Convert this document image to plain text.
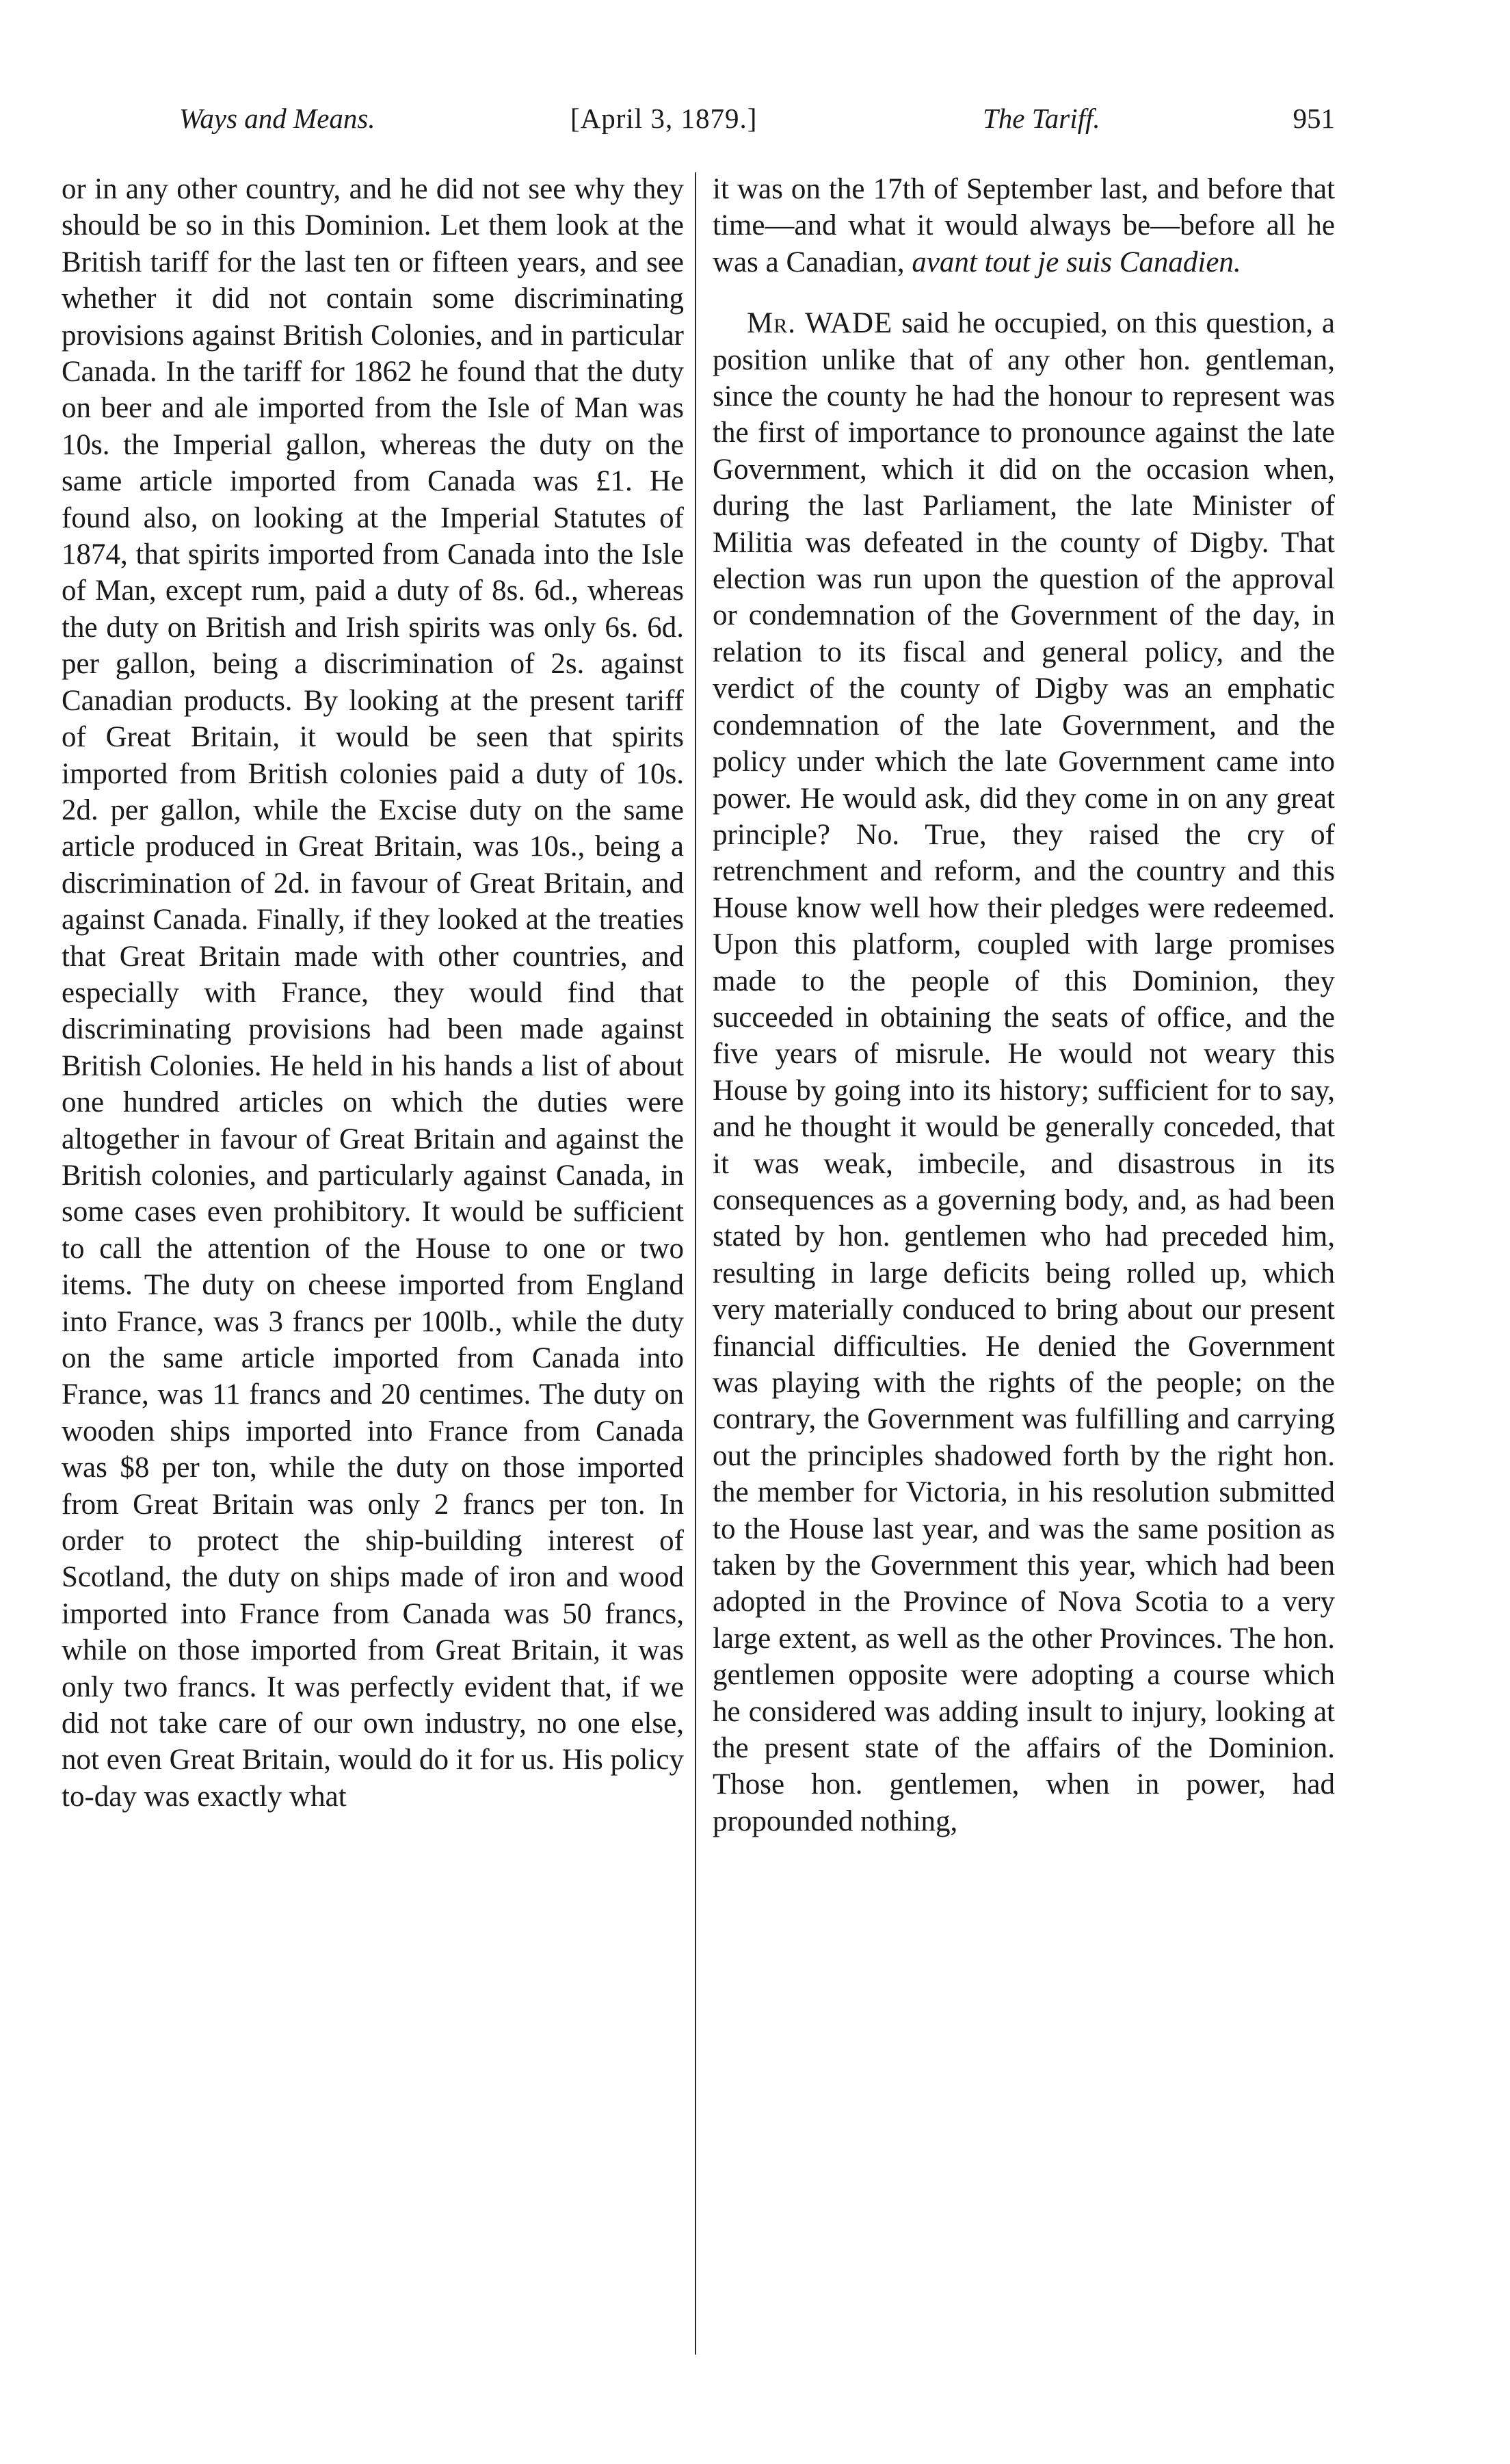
Ways and Means.	[April 3, 1879.]	The Tariff.	951

or in any other country, and he did not see why they should be so in this Dominion. Let them look at the British tariff for the last ten or fifteen years, and see whether it did not contain some discriminating provisions against British Colonies, and in particular Canada. In the tariff for 1862 he found that the duty on beer and ale imported from the Isle of Man was 10s. the Imperial gallon, whereas the duty on the same article imported from Canada was £1. He found also, on looking at the Imperial Statutes of 1874, that spirits imported from Canada into the Isle of Man, except rum, paid a duty of 8s. 6d., whereas the duty on British and Irish spirits was only 6s. 6d. per gallon, being a discrimination of 2s. against Canadian products. By looking at the present tariff of Great Britain, it would be seen that spirits imported from British colonies paid a duty of 10s. 2d. per gallon, while the Excise duty on the same article produced in Great Britain, was 10s., being a discrimination of 2d. in favour of Great Britain, and against Canada. Finally, if they looked at the treaties that Great Britain made with other countries, and especially with France, they would find that discriminating provisions had been made against British Colonies. He held in his hands a list of about one hundred articles on which the duties were altogether in favour of Great Britain and against the British colonies, and particularly against Canada, in some cases even prohibitory. It would be sufficient to call the attention of the House to one or two items. The duty on cheese imported from England into France, was 3 francs per 100lb., while the duty on the same article imported from Canada into France, was 11 francs and 20 centimes. The duty on wooden ships imported into France from Canada was $8 per ton, while the duty on those imported from Great Britain was only 2 francs per ton. In order to protect the ship-building interest of Scotland, the duty on ships made of iron and wood imported into France from Canada was 50 francs, while on those imported from Great Britain, it was only two francs. It was perfectly evident that, if we did not take care of our own industry, no one else, not even Great Britain, would do it for us. His policy to-day was exactly what

it was on the 17th of September last, and before that time—and what it would always be—before all he was a Canadian, avant tout je suis Canadien.

Mr. WADE said he occupied, on this question, a position unlike that of any other hon. gentleman, since the county he had the honour to represent was the first of importance to pronounce against the late Government, which it did on the occasion when, during the last Parliament, the late Minister of Militia was defeated in the county of Digby. That election was run upon the question of the approval or condemnation of the Government of the day, in relation to its fiscal and general policy, and the verdict of the county of Digby was an emphatic condemnation of the late Government, and the policy under which the late Government came into power. He would ask, did they come in on any great principle? No. True, they raised the cry of retrenchment and reform, and the country and this House know well how their pledges were redeemed. Upon this platform, coupled with large promises made to the people of this Dominion, they succeeded in obtaining the seats of office, and the five years of misrule. He would not weary this House by going into its history; sufficient for to say, and he thought it would be generally conceded, that it was weak, imbecile, and disastrous in its consequences as a governing body, and, as had been stated by hon. gentlemen who had preceded him, resulting in large deficits being rolled up, which very materially conduced to bring about our present financial difficulties. He denied the Government was playing with the rights of the people; on the contrary, the Government was fulfilling and carrying out the principles shadowed forth by the right hon. the member for Victoria, in his resolution submitted to the House last year, and was the same position as taken by the Government this year, which had been adopted in the Province of Nova Scotia to a very large extent, as well as the other Provinces. The hon. gentlemen opposite were adopting a course which he considered was adding insult to injury, looking at the present state of the affairs of the Dominion. Those hon. gentlemen, when in power, had propounded nothing,
